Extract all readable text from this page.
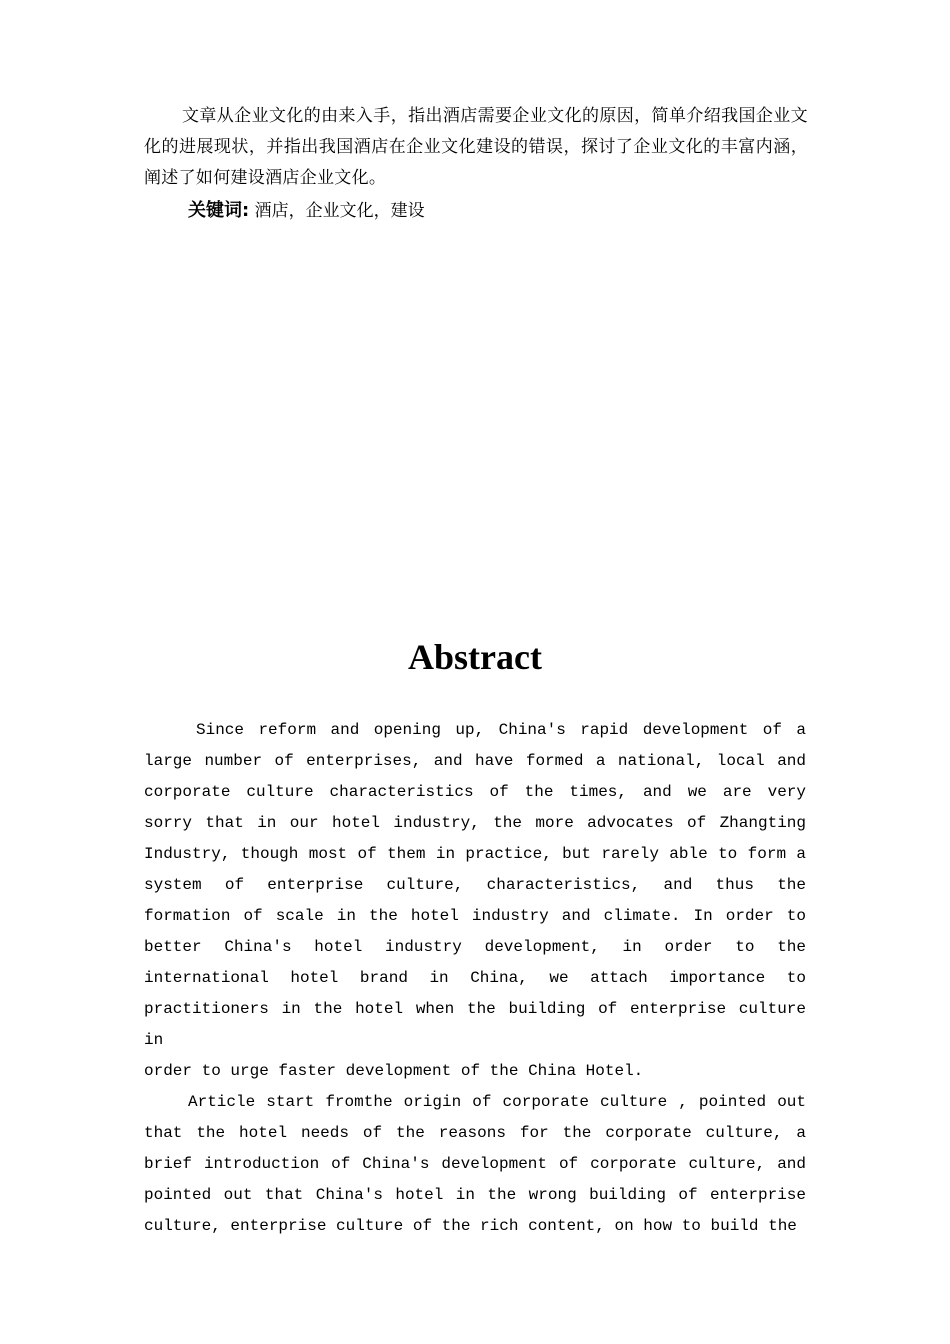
文章从企业文化的由来入手，指出酒店需要企业文化的原因，简单介绍我国企业文化的进展现状，并指出我国酒店在企业文化建设的错误，探讨了企业文化的丰富内涵，阐述了如何建设酒店企业文化。

关键词: 酒店，企业文化，建设

Abstract

Since reform and opening up, China's rapid development of a large number of enterprises, and have formed a national, local and corporate culture characteristics of the times, and we are very sorry that in our hotel industry, the more advocates of Zhangting Industry, though most of them in practice, but rarely able to form a system of enterprise culture, characteristics, and thus the formation of scale in the hotel industry and climate. In order to better China's hotel industry development, in order to the international hotel brand in China, we attach importance to practitioners in the hotel when the building of enterprise culture in

order to urge faster development of the China Hotel.

Article start fromthe origin of corporate culture , pointed out that the hotel needs of the reasons for the corporate culture, a brief introduction of China's development of corporate culture, and pointed out that China's hotel in the wrong building of enterprise culture, enterprise culture of the rich content, on how to build the
